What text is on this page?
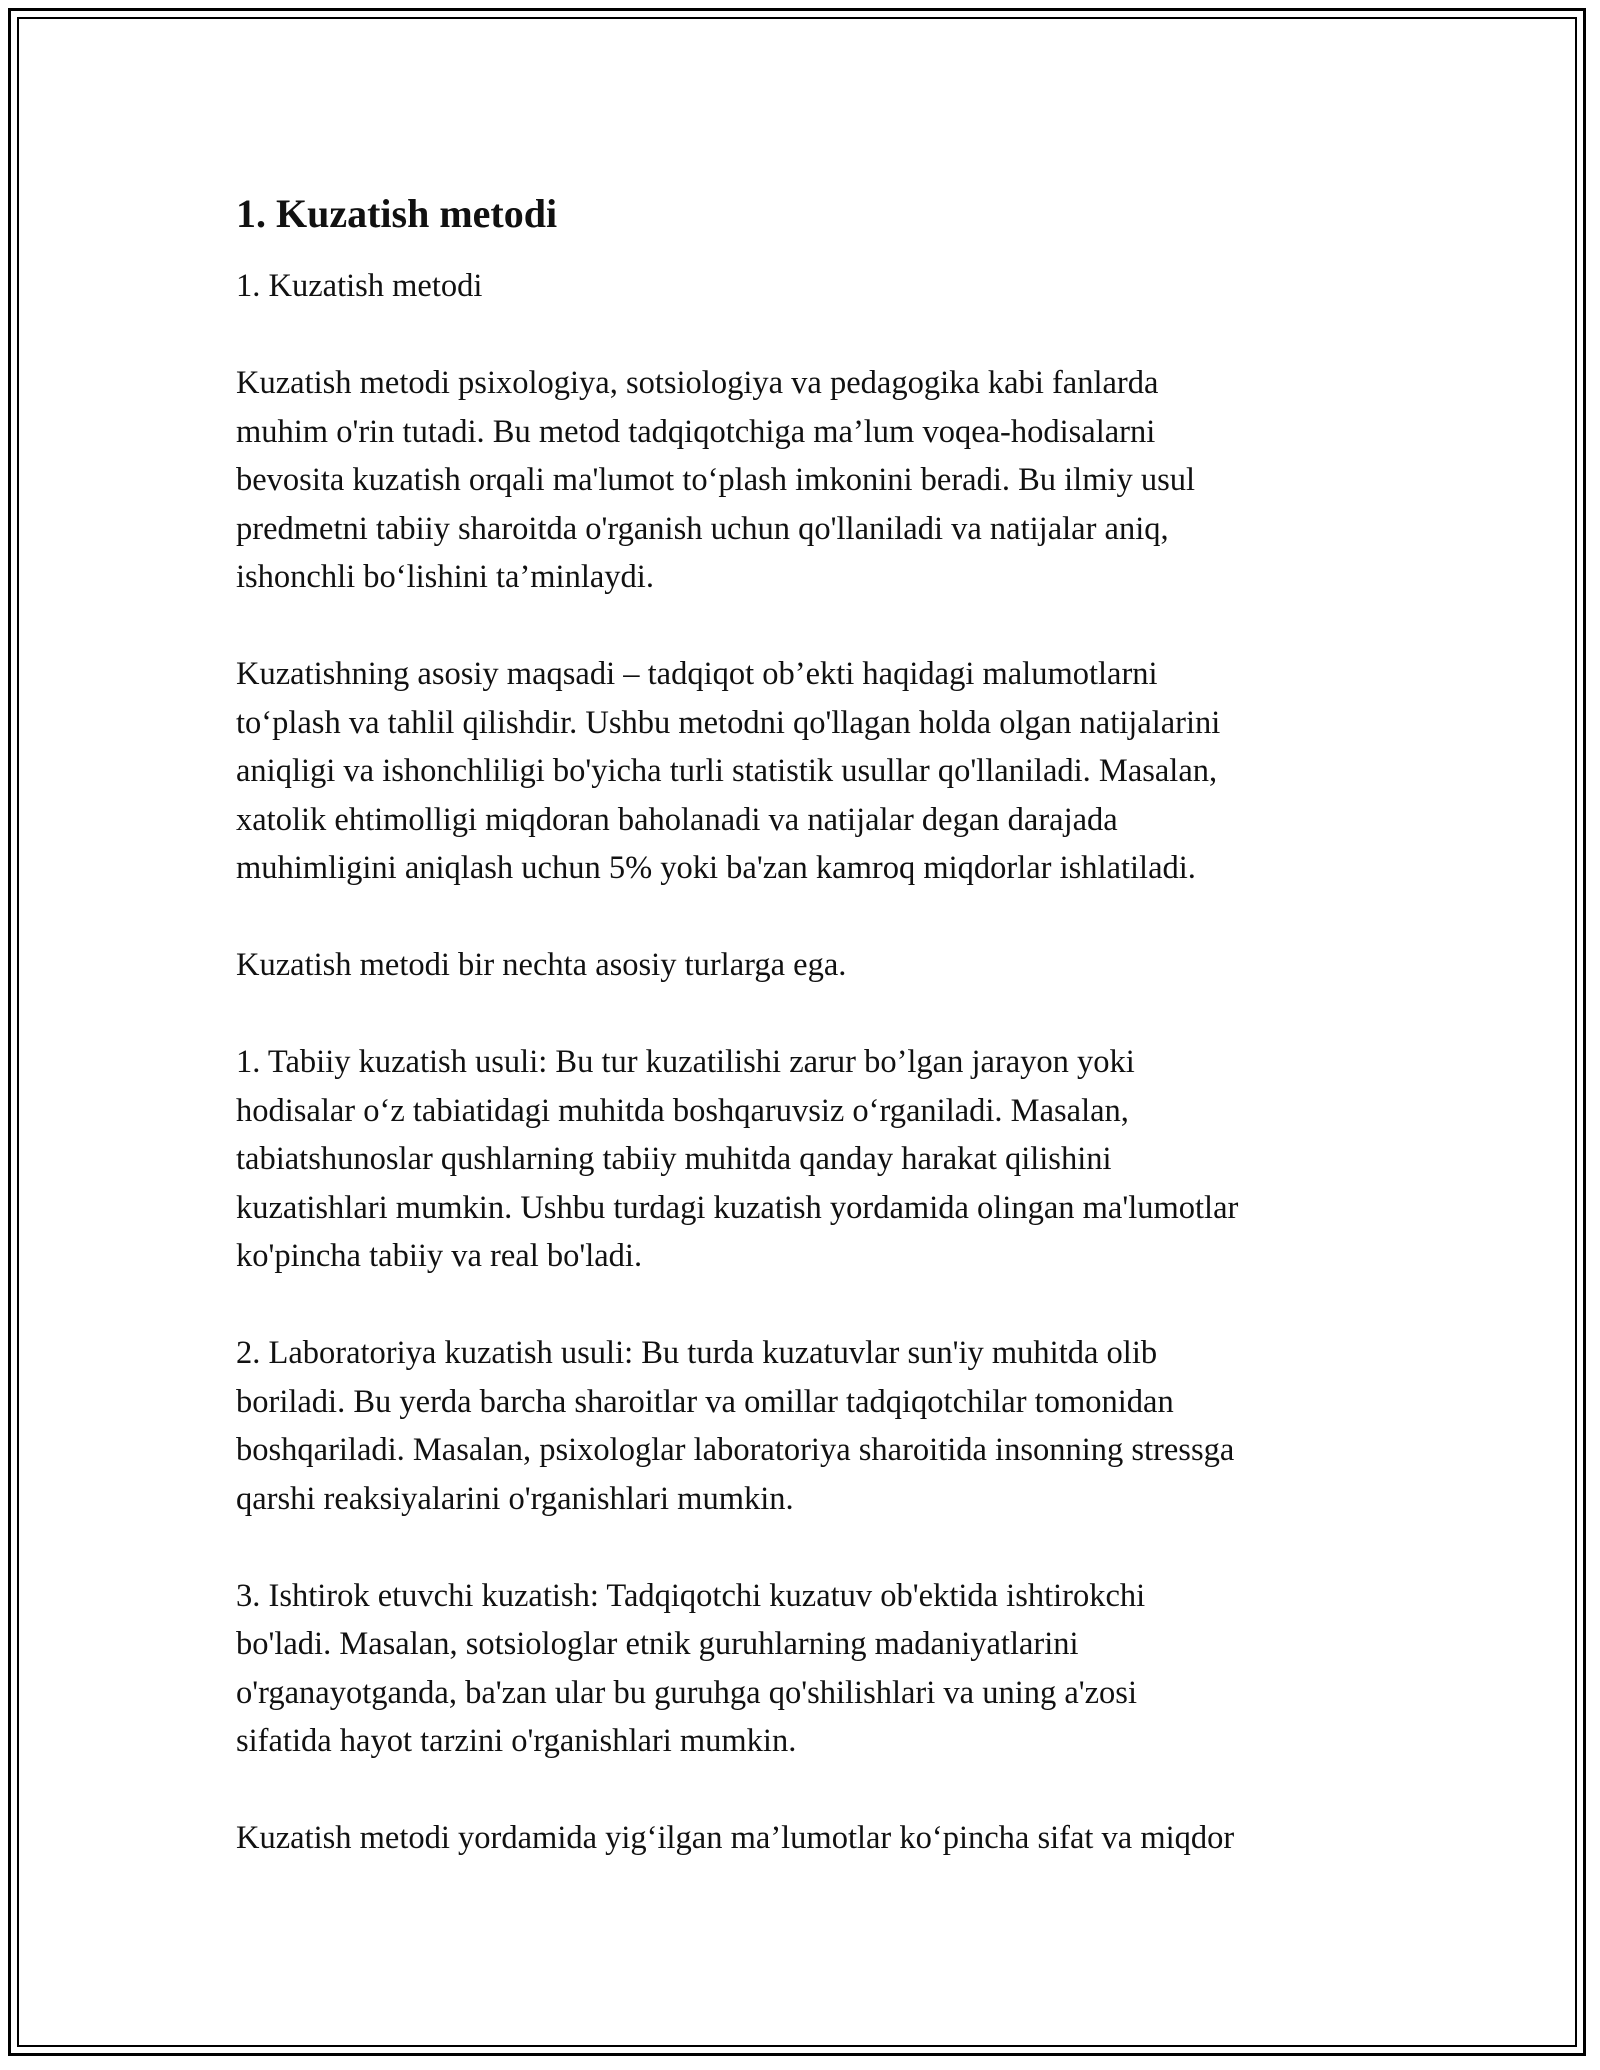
1. Kuzatish metodi

1. Kuzatish metodi

Kuzatish metodi psixologiya, sotsiologiya va pedagogika kabi fanlarda
muhim o'rin tutadi. Bu metod tadqiqotchiga ma’lum voqea-hodisalarni
bevosita kuzatish orqali ma'lumot to‘plash imkonini beradi. Bu ilmiy usul
predmetni tabiiy sharoitda o'rganish uchun qo'llaniladi va natijalar aniq,
ishonchli bo‘lishini ta’minlaydi.

Kuzatishning asosiy maqsadi – tadqiqot ob’ekti haqidagi malumotlarni
to‘plash va tahlil qilishdir. Ushbu metodni qo'llagan holda olgan natijalarini
aniqligi va ishonchliligi bo'yicha turli statistik usullar qo'llaniladi. Masalan,
xatolik ehtimolligi miqdoran baholanadi va natijalar degan darajada
muhimligini aniqlash uchun 5% yoki ba'zan kamroq miqdorlar ishlatiladi.

Kuzatish metodi bir nechta asosiy turlarga ega.

1. Tabiiy kuzatish usuli: Bu tur kuzatilishi zarur bo’lgan jarayon yoki
hodisalar o‘z tabiatidagi muhitda boshqaruvsiz o‘rganiladi. Masalan,
tabiatshunoslar qushlarning tabiiy muhitda qanday harakat qilishini
kuzatishlari mumkin. Ushbu turdagi kuzatish yordamida olingan ma'lumotlar
ko'pincha tabiiy va real bo'ladi.

2. Laboratoriya kuzatish usuli: Bu turda kuzatuvlar sun'iy muhitda olib
boriladi. Bu yerda barcha sharoitlar va omillar tadqiqotchilar tomonidan
boshqariladi. Masalan, psixologlar laboratoriya sharoitida insonning stressga
qarshi reaksiyalarini o'rganishlari mumkin.

3. Ishtirok etuvchi kuzatish: Tadqiqotchi kuzatuv ob'ektida ishtirokchi
bo'ladi. Masalan, sotsiologlar etnik guruhlarning madaniyatlarini
o'rganayotganda, ba'zan ular bu guruhga qo'shilishlari va uning a'zosi
sifatida hayot tarzini o'rganishlari mumkin.

Kuzatish metodi yordamida yig‘ilgan ma’lumotlar ko‘pincha sifat va miqdor
